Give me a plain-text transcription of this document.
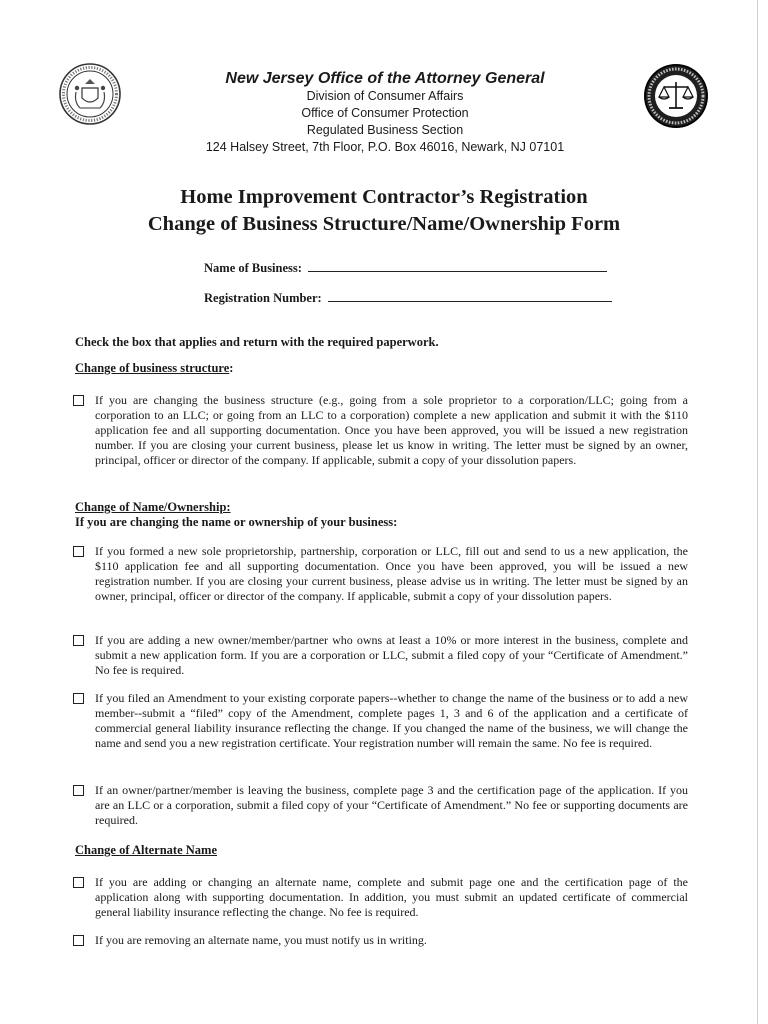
New Jersey Office of the Attorney General
Division of Consumer Affairs
Office of Consumer Protection
Regulated Business Section
124 Halsey Street, 7th Floor, P.O. Box 46016, Newark, NJ 07101
Home Improvement Contractor’s Registration
Change of Business Structure/Name/Ownership Form
Name of Business:
Registration Number:
Check the box that applies and return with the required paperwork.
Change of business structure:
If you are changing the business structure (e.g., going from a sole proprietor to a corporation/LLC; going from a corporation to an LLC; or going from an LLC to a corporation) complete a new application and submit it with the $110 application fee and all supporting documentation. Once you have been approved, you will be issued a new registration number. If you are closing your current business, please let us know in writing. The letter must be signed by an owner, principal, officer or director of the company. If applicable, submit a copy of your dissolution papers.
Change of Name/Ownership:
If you are changing the name or ownership of your business:
If you formed a new sole proprietorship, partnership, corporation or LLC, fill out and send to us a new application, the $110 application fee and all supporting documentation. Once you have been approved, you will be issued a new registration number. If you are closing your current business, please advise us in writing. The letter must be signed by an owner, principal, officer or director of the company. If applicable, submit a copy of your dissolution papers.
If you are adding a new owner/member/partner who owns at least a 10% or more interest in the business, complete and submit a new application form. If you are a corporation or LLC, submit a filed copy of your “Certificate of Amendment.” No fee is required.
If you filed an Amendment to your existing corporate papers--whether to change the name of the business or to add a new member--submit a “filed” copy of the Amendment, complete pages 1, 3 and 6 of the application and a certificate of commercial general liability insurance reflecting the change. If you changed the name of the business, we will change the name and send you a new registration certificate. Your registration number will remain the same. No fee is required.
If an owner/partner/member is leaving the business, complete page 3 and the certification page of the application. If you are an LLC or a corporation, submit a filed copy of your “Certificate of Amendment.” No fee or supporting documents are required.
Change of Alternate Name
If you are adding or changing an alternate name, complete and submit page one and the certification page of the application along with supporting documentation. In addition, you must submit an updated certificate of commercial general liability insurance reflecting the change. No fee is required.
If you are removing an alternate name, you must notify us in writing.
